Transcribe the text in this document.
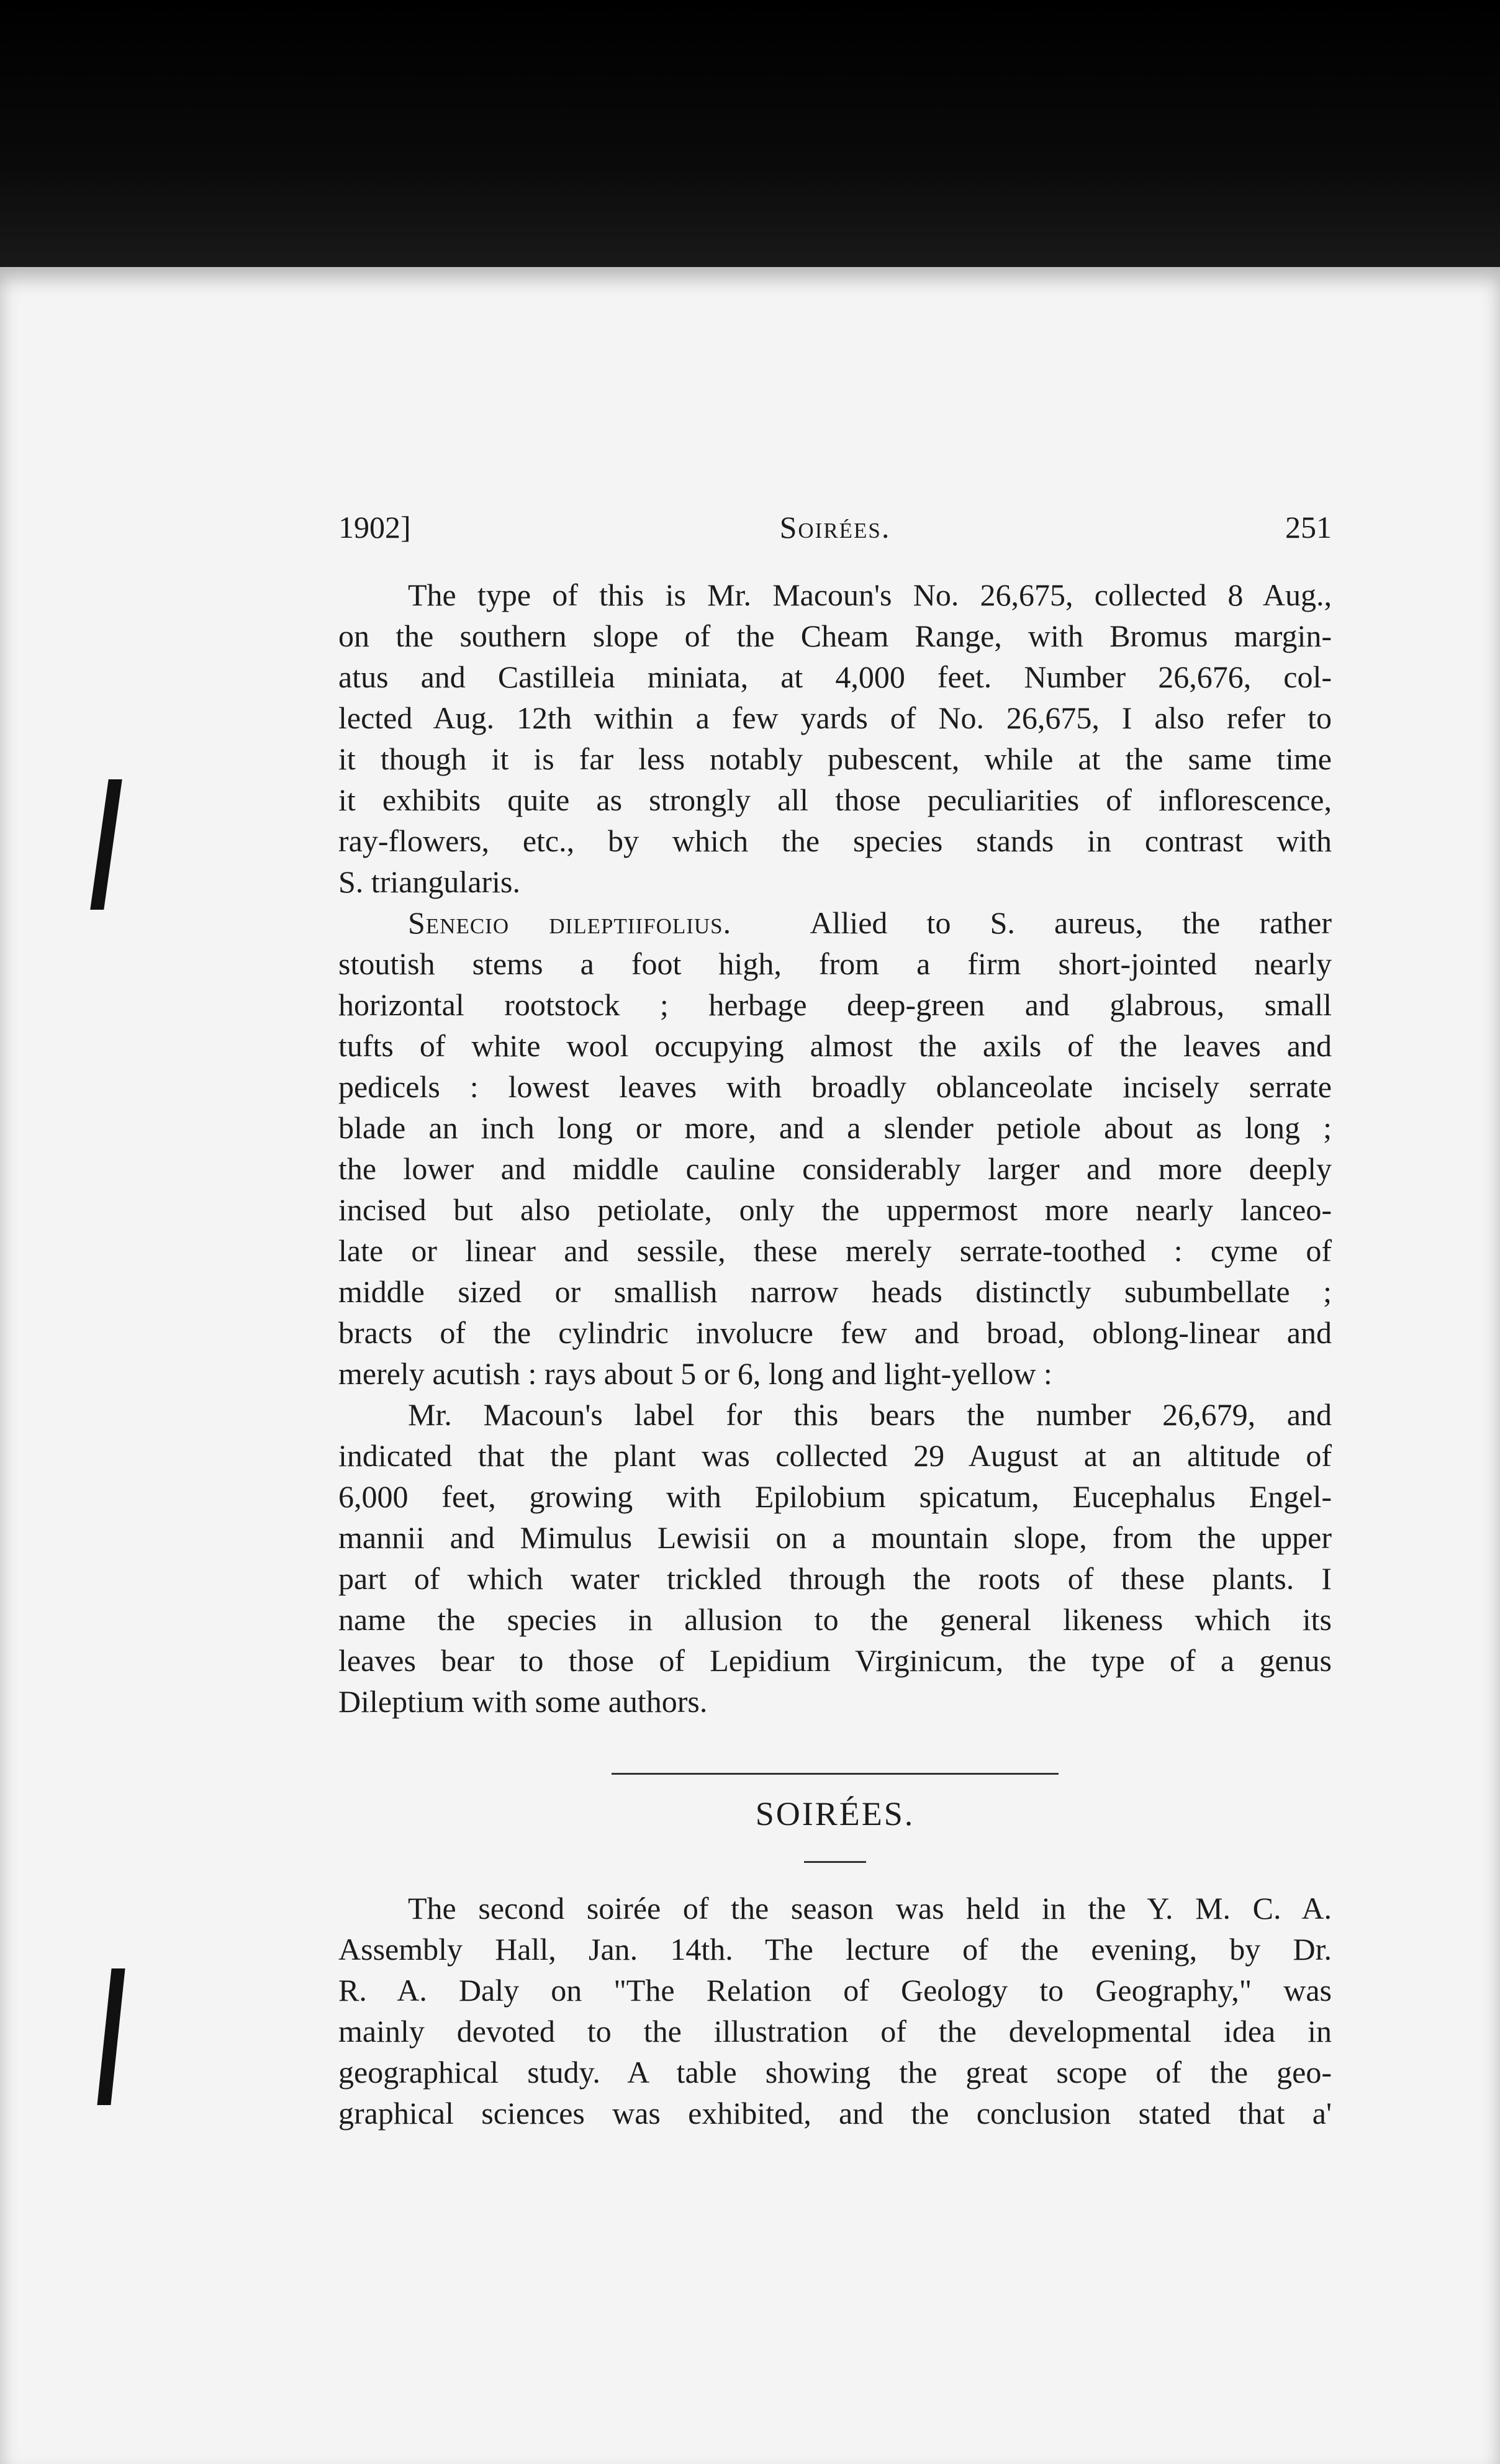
1902]	Soirées.	251
The type of this is Mr. Macoun's No. 26,675, collected 8 Aug.,
on the southern slope of the Cheam Range, with Bromus margin-
atus and Castilleia miniata, at 4,000 feet. Number 26,676, col-
lected Aug. 12th within a few yards of No. 26,675, I also refer to
it though it is far less notably pubescent, while at the same time
it exhibits quite as strongly all those peculiarities of inflorescence,
ray-flowers, etc., by which the species stands in contrast with
S. triangularis.
Senecio dileptiifolius.	Allied to S. aureus, the rather
stoutish stems a foot high, from a firm short-jointed nearly
horizontal rootstock ; herbage deep-green and glabrous, small
tufts of white wool occupying almost the axils of the leaves and
pedicels : lowest leaves with broadly oblanceolate incisely serrate
blade an inch long or more, and a slender petiole about as long ;
the lower and middle cauline considerably larger and more deeply
incised but also petiolate, only the uppermost more nearly lanceo-
late or linear and sessile, these merely serrate-toothed : cyme of
middle sized or smallish narrow heads distinctly subumbellate ;
bracts of the cylindric involucre few and broad, oblong-linear and
merely acutish : rays about 5 or 6, long and light-yellow :
Mr. Macoun's label for this bears the number 26,679, and
indicated that the plant was collected 29 August at an altitude of
6,000 feet, growing with Epilobium spicatum, Eucephalus Engel-
mannii and Mimulus Lewisii on a mountain slope, from the upper
part of which water trickled through the roots of these plants. I
name the species in allusion to the general likeness which its
leaves bear to those of Lepidium Virginicum, the type of a genus
Dileptium with some authors.
SOIRÉES.
The second soirée of the season was held in the Y. M. C. A.
Assembly Hall, Jan. 14th. The lecture of the evening, by Dr.
R. A. Daly on "The Relation of Geology to Geography," was
mainly devoted to the illustration of the developmental idea in
geographical study. A table showing the great scope of the geo-
graphical sciences was exhibited, and the conclusion stated that a'
